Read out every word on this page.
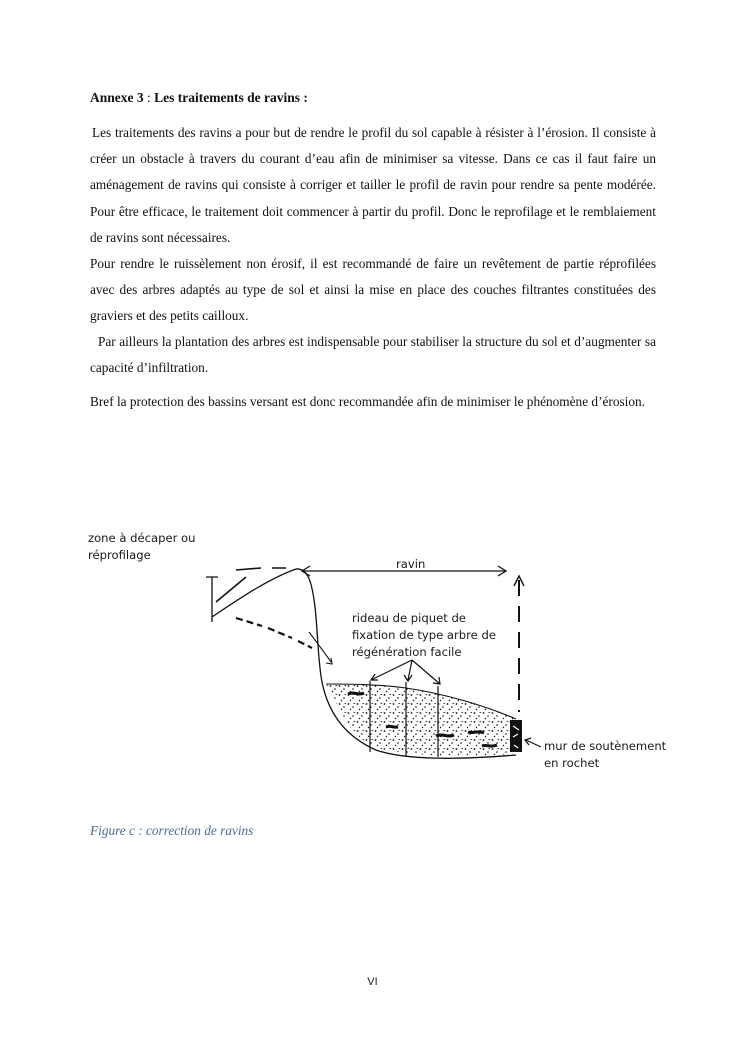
Annexe 3 : Les traitements de ravins :

Les traitements des ravins a pour but de rendre le profil du sol capable à résister à l’érosion. Il consiste à créer un obstacle à travers du courant d’eau afin de minimiser sa vitesse. Dans ce cas il faut faire un aménagement de ravins qui consiste à corriger et tailler le profil de ravin pour rendre sa pente modérée. Pour être efficace, le traitement doit commencer à partir du profil. Donc le reprofilage et le remblaiement de ravins sont nécessaires.

Pour rendre le ruissèlement non érosif, il est recommandé de faire un revêtement de partie réprofilées avec des arbres adaptés au type de sol et ainsi la mise en place des couches filtrantes constituées des graviers et des petits cailloux.

Par ailleurs la plantation des arbres est indispensable pour stabiliser la structure du sol et d’augmenter sa capacité d’infiltration.

Bref la protection des bassins versant est donc recommandée afin de minimiser le phénomène d’érosion.

zone à décaper ou
réprofilage
ravin
rideau de piquet de
fixation de type arbre de
régénération facile
mur de soutènement
en rochet
Figure c : correction de ravins
VI
